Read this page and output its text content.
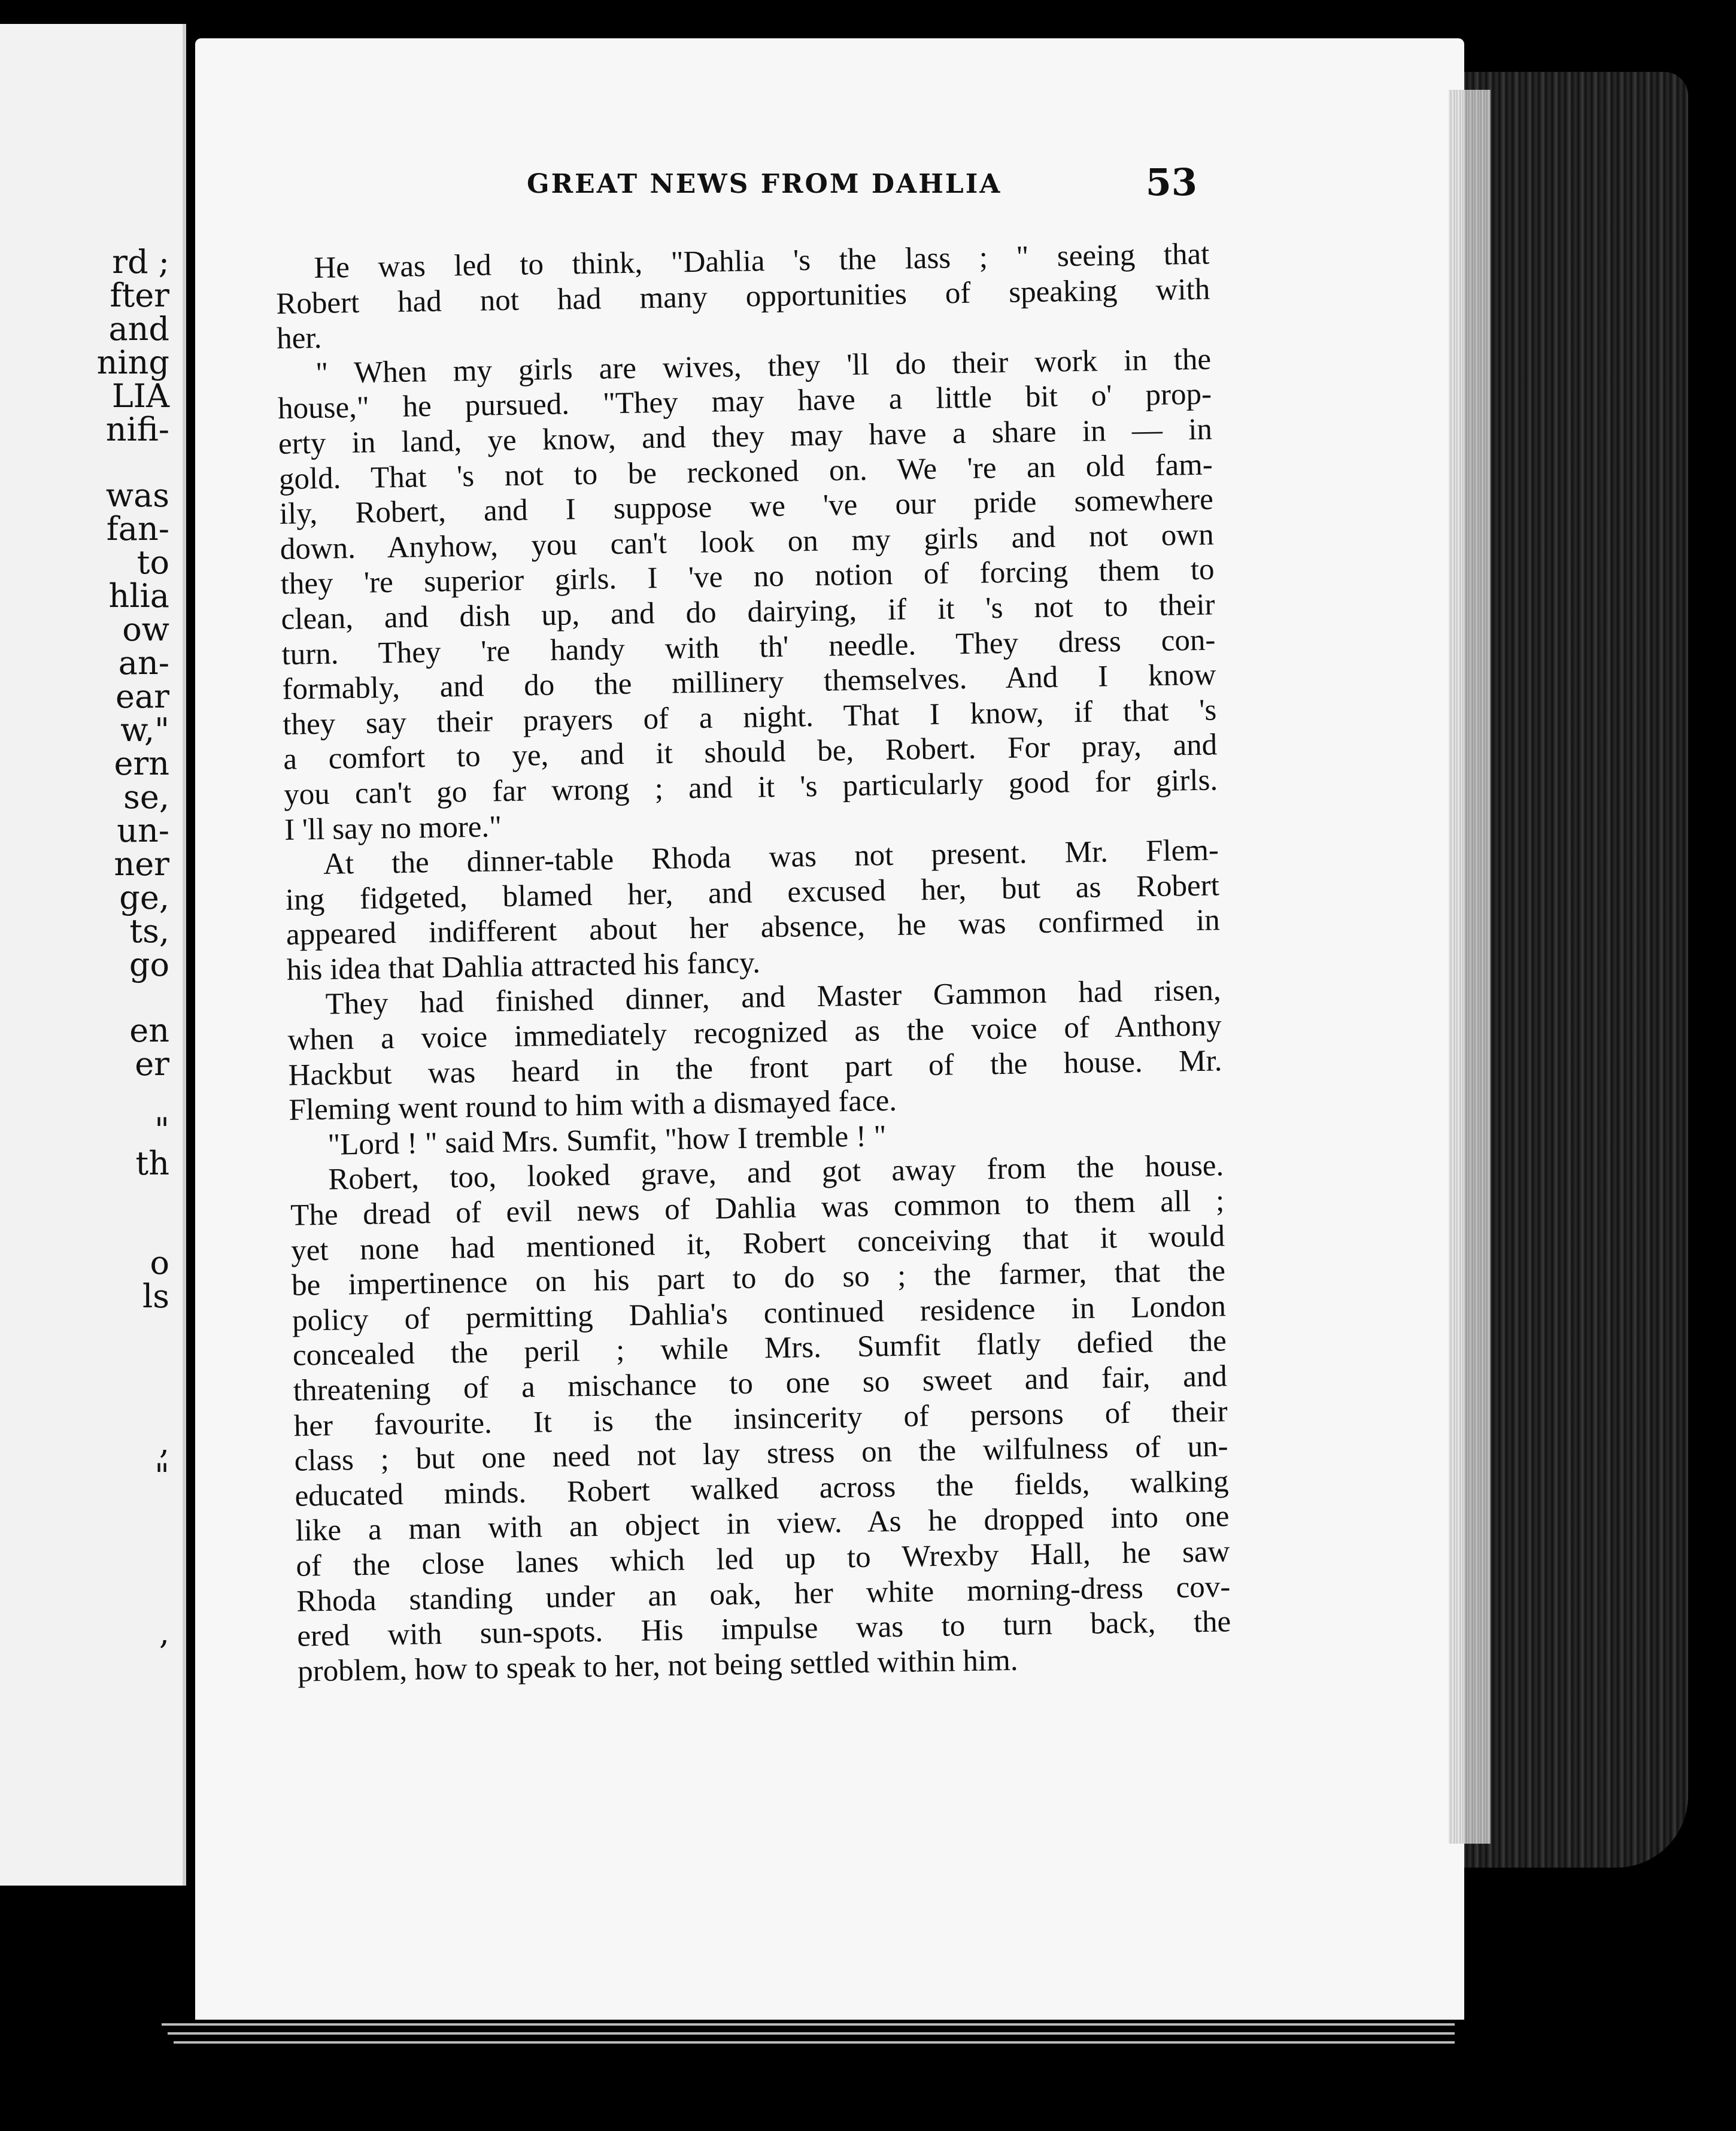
rd ;
fter
and
ning
LIA
nifi-
was
fan-
to
hlia
ow
an-
ear
w,"
ern
se,
un-
ner
ge,
ts,
go
en
er
"
th
o
ls
,
"
,
GREAT NEWS FROM DAHLIA	53
He was led to think, "Dahlia 's the lass ; " seeing that
Robert had not had many opportunities of speaking with
her.
" When my girls are wives, they 'll do their work in the
house," he pursued. "They may have a little bit o' prop-
erty in land, ye know, and they may have a share in — in
gold. That 's not to be reckoned on. We 're an old fam-
ily, Robert, and I suppose we 've our pride somewhere
down. Anyhow, you can't look on my girls and not own
they 're superior girls. I 've no notion of forcing them to
clean, and dish up, and do dairying, if it 's not to their
turn. They 're handy with th' needle. They dress con-
formably, and do the millinery themselves. And I know
they say their prayers of a night. That I know, if that 's
a comfort to ye, and it should be, Robert. For pray, and
you can't go far wrong ; and it 's particularly good for girls.
I 'll say no more."
At the dinner-table Rhoda was not present. Mr. Flem-
ing fidgeted, blamed her, and excused her, but as Robert
appeared indifferent about her absence, he was confirmed in
his idea that Dahlia attracted his fancy.
They had finished dinner, and Master Gammon had risen,
when a voice immediately recognized as the voice of Anthony
Hackbut was heard in the front part of the house. Mr.
Fleming went round to him with a dismayed face.
"Lord ! " said Mrs. Sumfit, "how I tremble ! "
Robert, too, looked grave, and got away from the house.
The dread of evil news of Dahlia was common to them all ;
yet none had mentioned it, Robert conceiving that it would
be impertinence on his part to do so ; the farmer, that the
policy of permitting Dahlia's continued residence in London
concealed the peril ; while Mrs. Sumfit flatly defied the
threatening of a mischance to one so sweet and fair, and
her favourite. It is the insincerity of persons of their
class ; but one need not lay stress on the wilfulness of un-
educated minds. Robert walked across the fields, walking
like a man with an object in view. As he dropped into one
of the close lanes which led up to Wrexby Hall, he saw
Rhoda standing under an oak, her white morning-dress cov-
ered with sun-spots. His impulse was to turn back, the
problem, how to speak to her, not being settled within him.
